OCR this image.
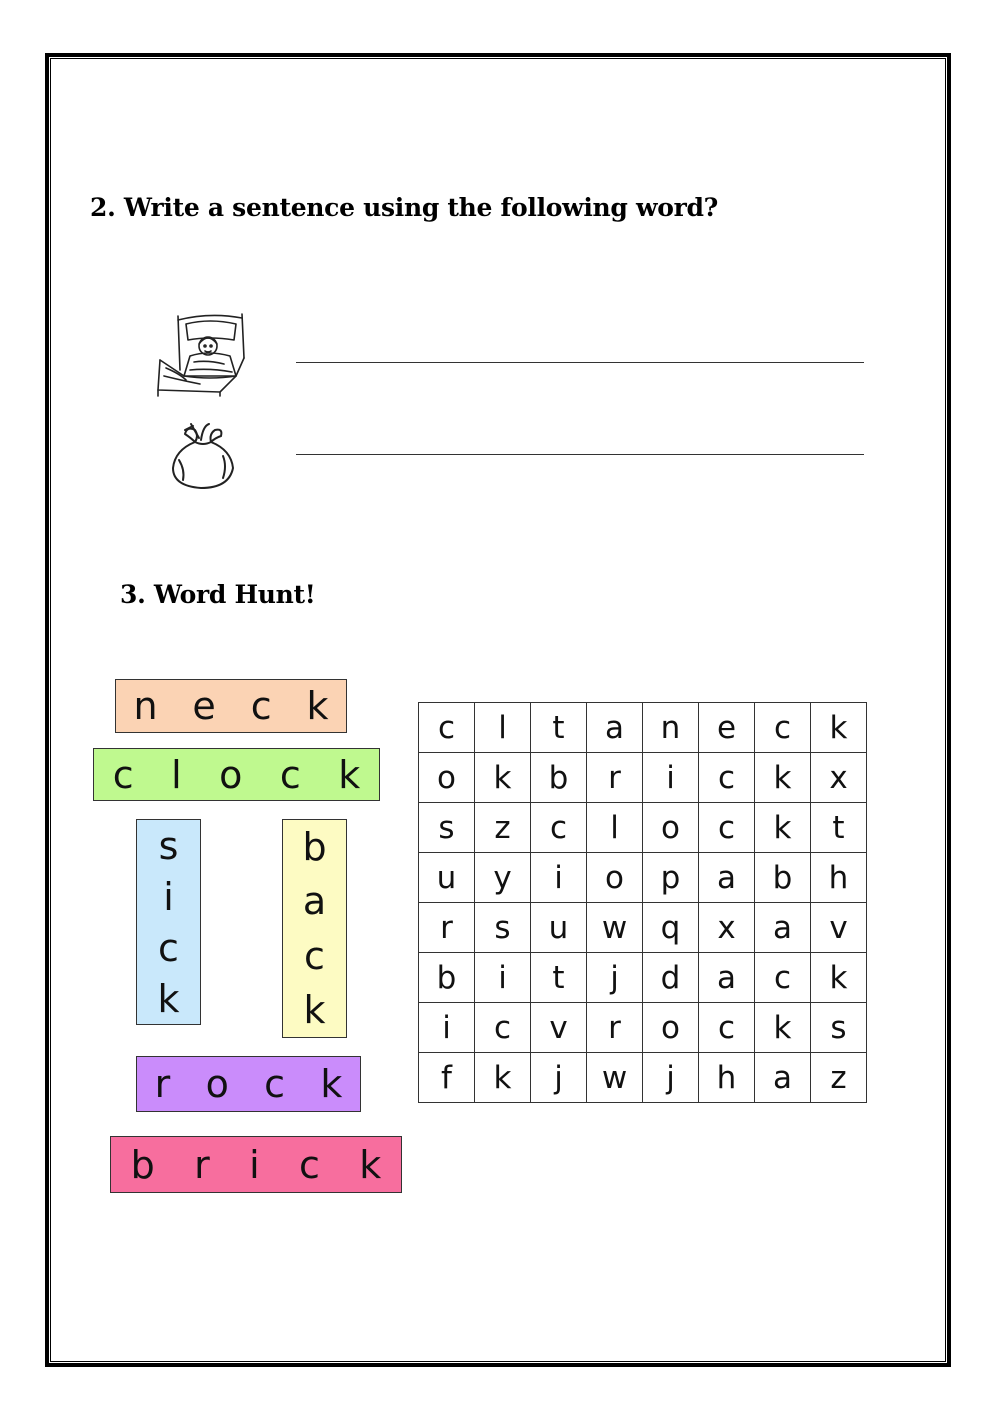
2. Write a sentence using the following word?
3. Word Hunt!
n e c k
c l o c k
s
i
c
k
b
a
c
k
r o c k
b r i c k
c	l	t	a	n	e	c	k
o	k	b	r	i	c	k	x
s	z	c	l	o	c	k	t
u	y	i	o	p	a	b	h
r	s	u	w	q	x	a	v
b	i	t	j	d	a	c	k
i	c	v	r	o	c	k	s
f	k	j	w	j	h	a	z
